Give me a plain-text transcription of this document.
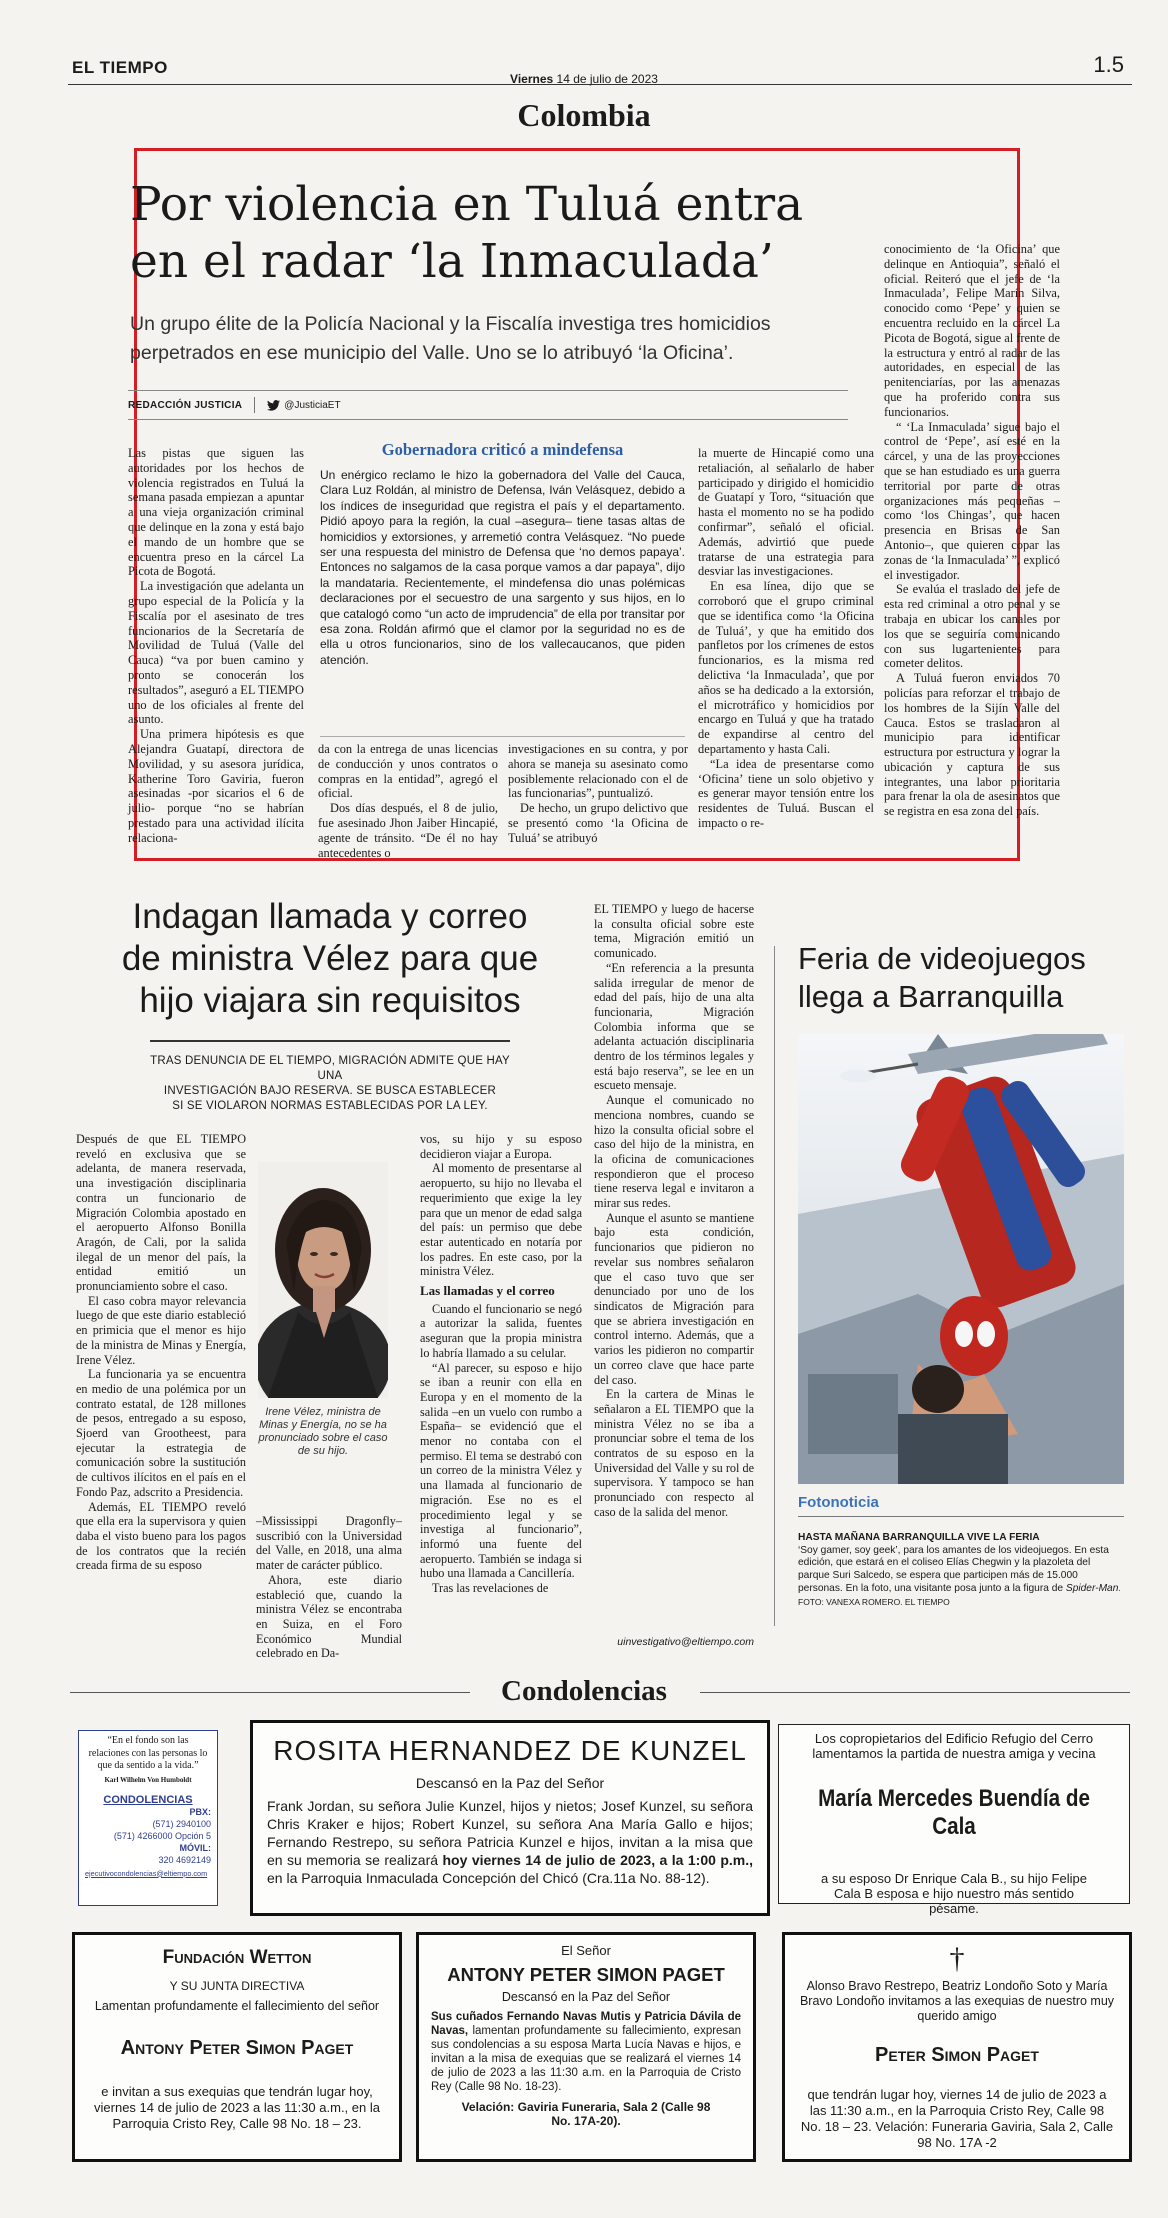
EL TIEMPO
Viernes 14 de julio de 2023
1.5
Colombia
Por violencia en Tuluá entra
en el radar ‘la Inmaculada’
Un grupo élite de la Policía Nacional y la Fiscalía investiga tres homicidios perpetrados en ese municipio del Valle. Uno se lo atribuyó ‘la Oficina’.
REDACCIÓN JUSTICIA	@JusticiaET

Las pistas que siguen las autoridades por los hechos de violencia registrados en Tuluá la semana pasada empiezan a apuntar a una vieja organización criminal que delinque en la zona y está bajo el mando de un hombre que se encuentra preso en la cárcel La Picota de Bogotá.

La investigación que adelanta un grupo especial de la Policía y la Fiscalía por el asesinato de tres funcionarios de la Secretaría de Movilidad de Tuluá (Valle del Cauca) “va por buen camino y pronto se conocerán los resultados”, aseguró a EL TIEMPO uno de los oficiales al frente del asunto.

Una primera hipótesis es que Alejandra Guatapí, directora de Movilidad, y su asesora jurídica, Katherine Toro Gaviria, fueron asesinadas -por sicarios el 6 de julio- porque “no se habrían prestado para una actividad ilícita relaciona-

Gobernadora criticó a mindefensa
Un enérgico reclamo le hizo la gobernadora del Valle del Cauca, Clara Luz Roldán, al ministro de Defensa, Iván Velásquez, debido a los índices de inseguridad que registra el país y el departamento. Pidió apoyo para la región, la cual –asegura– tiene tasas altas de homicidios y extorsiones, y arremetió contra Velásquez. “No puede ser una respuesta del ministro de Defensa que ‘no demos papaya’. Entonces no salgamos de la casa porque vamos a dar papaya”, dijo la mandataria. Recientemente, el mindefensa dio unas polémicas declaraciones por el secuestro de una sargento y sus hijos, en lo que catalogó como “un acto de imprudencia” de ella por transitar por esa zona. Roldán afirmó que el clamor por la seguridad no es de ella u otros funcionarios, sino de los vallecaucanos, que piden atención.

da con la entrega de unas licencias de conducción y unos contratos o compras en la entidad”, agregó el oficial.

Dos días después, el 8 de julio, fue asesinado Jhon Jaiber Hincapié, agente de tránsito. “De él no hay antecedentes o

investigaciones en su contra, y por ahora se maneja su asesinato como posiblemente relacionado con el de las funcionarias”, puntualizó.

De hecho, un grupo delictivo que se presentó como ‘la Oficina de Tuluá’ se atribuyó

la muerte de Hincapié como una retaliación, al señalarlo de haber participado y dirigido el homicidio de Guatapí y Toro, “situación que hasta el momento no se ha podido confirmar”, señaló el oficial. Además, advirtió que puede tratarse de una estrategia para desviar las investigaciones.

En esa línea, dijo que se corroboró que el grupo criminal que se identifica como ‘la Oficina de Tuluá’, y que ha emitido dos panfletos por los crímenes de estos funcionarios, es la misma red delictiva ‘la Inmaculada’, que por años se ha dedicado a la extorsión, el microtráfico y homicidios por encargo en Tuluá y que ha tratado de expandirse al centro del departamento y hasta Cali.

“La idea de presentarse como ‘Oficina’ tiene un solo objetivo y es generar mayor tensión entre los residentes de Tuluá. Buscan el impacto o re-

conocimiento de ‘la Oficina’ que delinque en Antioquia”, señaló el oficial. Reiteró que el jefe de ‘la Inmaculada’, Felipe Marín Silva, conocido como ‘Pepe’ y quien se encuentra recluido en la cárcel La Picota de Bogotá, sigue al frente de la estructura y entró al radar de las autoridades, en especial de las penitenciarías, por las amenazas que ha proferido contra sus funcionarios.

“ ‘La Inmaculada’ sigue bajo el control de ‘Pepe’, así esté en la cárcel, y una de las proyecciones que se han estudiado es una guerra territorial por parte de otras organizaciones más pequeñas –como ‘los Chingas’, que hacen presencia en Brisas de San Antonio–, que quieren copar las zonas de ‘la Inmaculada’ ”, explicó el investigador.

Se evalúa el traslado del jefe de esta red criminal a otro penal y se trabaja en ubicar los canales por los que se seguiría comunicando con sus lugartenientes para cometer delitos.

A Tuluá fueron enviados 70 policías para reforzar el trabajo de los hombres de la Sijín Valle del Cauca. Estos se trasladaron al municipio para identificar estructura por estructura y lograr la ubicación y captura de sus integrantes, una labor prioritaria para frenar la ola de asesinatos que se registra en esa zona del país.

Indagan llamada y correo
de ministra Vélez para que
hijo viajara sin requisitos
TRAS DENUNCIA DE EL TIEMPO, MIGRACIÓN ADMITE QUE HAY UNA
INVESTIGACIÓN BAJO RESERVA. SE BUSCA ESTABLECER
SI SE VIOLARON NORMAS ESTABLECIDAS POR LA LEY.

Después de que EL TIEMPO reveló en exclusiva que se adelanta, de manera reservada, una investigación disciplinaria contra un funcionario de Migración Colombia apostado en el aeropuerto Alfonso Bonilla Aragón, de Cali, por la salida ilegal de un menor del país, la entidad emitió un pronunciamiento sobre el caso.

El caso cobra mayor relevancia luego de que este diario estableció en primicia que el menor es hijo de la ministra de Minas y Energía, Irene Vélez.

La funcionaria ya se encuentra en medio de una polémica por un contrato estatal, de 128 millones de pesos, entregado a su esposo, Sjoerd van Grootheest, para ejecutar la estrategia de comunicación sobre la sustitución de cultivos ilícitos en el país en el Fondo Paz, adscrito a Presidencia.

Además, EL TIEMPO reveló que ella era la supervisora y quien daba el visto bueno para los pagos de los contratos que la recién creada firma de su esposo

Irene Vélez, ministra de Minas y Energía, no se ha pronunciado sobre el caso de su hijo.

–Mississippi Dragonfly– suscribió con la Universidad del Valle, en 2018, una alma mater de carácter público.

Ahora, este diario estableció que, cuando la ministra Vélez se encontraba en Suiza, en el Foro Económico Mundial celebrado en Da-

vos, su hijo y su esposo decidieron viajar a Europa.

Al momento de presentarse al aeropuerto, su hijo no llevaba el requerimiento que exige la ley para que un menor de edad salga del país: un permiso que debe estar autenticado en notaría por los padres. En este caso, por la ministra Vélez.

Las llamadas y el correo

Cuando el funcionario se negó a autorizar la salida, fuentes aseguran que la propia ministra lo habría llamado a su celular.

“Al parecer, su esposo e hijo se iban a reunir con ella en Europa y en el momento de la salida –en un vuelo con rumbo a España– se evidenció que el menor no contaba con el permiso. El tema se destrabó con un correo de la ministra Vélez y una llamada al funcionario de migración. Ese no es el procedimiento legal y se investiga al funcionario”, informó una fuente del aeropuerto. También se indaga si hubo una llamada a Cancillería.

Tras las revelaciones de

EL TIEMPO y luego de hacerse la consulta oficial sobre este tema, Migración emitió un comunicado.

“En referencia a la presunta salida irregular de menor de edad del país, hijo de una alta funcionaria, Migración Colombia informa que se adelanta actuación disciplinaria dentro de los términos legales y está bajo reserva”, se lee en un escueto mensaje.

Aunque el comunicado no menciona nombres, cuando se hizo la consulta oficial sobre el caso del hijo de la ministra, en la oficina de comunicaciones respondieron que el proceso tiene reserva legal e invitaron a mirar sus redes.

Aunque el asunto se mantiene bajo esta condición, funcionarios que pidieron no revelar sus nombres señalaron que el caso tuvo que ser denunciado por uno de los sindicatos de Migración para que se abriera investigación en control interno. Además, que a varios les pidieron no compartir un correo clave que hace parte del caso.

En la cartera de Minas le señalaron a EL TIEMPO que la ministra Vélez no se iba a pronunciar sobre el tema de los contratos de su esposo en la Universidad del Valle y su rol de supervisora. Y tampoco se han pronunciado con respecto al caso de la salida del menor.

uinvestigativo@eltiempo.com
Feria de videojuegos
llega a Barranquilla
Fotonoticia
HASTA MAÑANA BARRANQUILLA VIVE LA FERIA
‘Soy gamer, soy geek’, para los amantes de los videojuegos. En esta edición, que estará en el coliseo Elías Chegwin y la plazoleta del parque Suri Salcedo, se espera que participen más de 15.000 personas. En la foto, una visitante posa junto a la figura de Spider-Man. FOTO: VANEXA ROMERO. EL TIEMPO
Condolencias
“En el fondo son las
relaciones con las personas lo
que da sentido a la vida.”
Karl Wilhelm Von Humboldt
CONDOLENCIAS
PBX:
(571) 2940100
(571) 4266000 Opción 5
MÓVIL:
320 4692149
ejecutivocondolencias@eltiempo.com
ROSITA HERNANDEZ DE KUNZEL
Descansó en la Paz del Señor
Frank Jordan, su señora Julie Kunzel, hijos y nietos; Josef Kunzel, su señora Chris Kraker e hijos; Robert Kunzel, su señora Ana María Gallo e hijos; Fernando Restrepo, su señora Patricia Kunzel e hijos, invitan a la misa que en su memoria se realizará hoy viernes 14 de julio de 2023, a la 1:00 p.m., en la Parroquia Inmaculada Concepción del Chicó (Cra.11a No. 88-12).
Los copropietarios del Edificio Refugio del Cerro lamentamos la partida de nuestra amiga y vecina
María Mercedes Buendía de Cala
a su esposo Dr Enrique Cala B., su hijo Felipe Cala B esposa e hijo nuestro más sentido pésame.
Fundación Wetton
Y SU JUNTA DIRECTIVA
Lamentan profundamente el fallecimiento del señor
Antony Peter Simon Paget
e invitan a sus exequias que tendrán lugar hoy, viernes 14 de julio de 2023 a las 11:30 a.m., en la Parroquia Cristo Rey, Calle 98 No. 18 – 23.
El Señor
ANTONY PETER SIMON PAGET
Descansó en la Paz del Señor
Sus cuñados Fernando Navas Mutis y Patricia Dávila de Navas, lamentan profundamente su fallecimiento, expresan sus condolencias a su esposa Marta Lucía Navas e hijos, e invitan a la misa de exequias que se realizará el viernes 14 de julio de 2023 a las 11:30 a.m. en la Parroquia de Cristo Rey (Calle 98 No. 18-23).
Velación: Gaviria Funeraria, Sala 2 (Calle 98 No. 17A-20).
†
Alonso Bravo Restrepo, Beatriz Londoño Soto y María Bravo Londoño invitamos a las exequias de nuestro muy querido amigo
Peter Simon Paget
que tendrán lugar hoy, viernes 14 de julio de 2023 a las 11:30 a.m., en la Parroquia Cristo Rey, Calle 98 No. 18 – 23. Velación: Funeraria Gaviria, Sala 2, Calle 98 No. 17A -2
